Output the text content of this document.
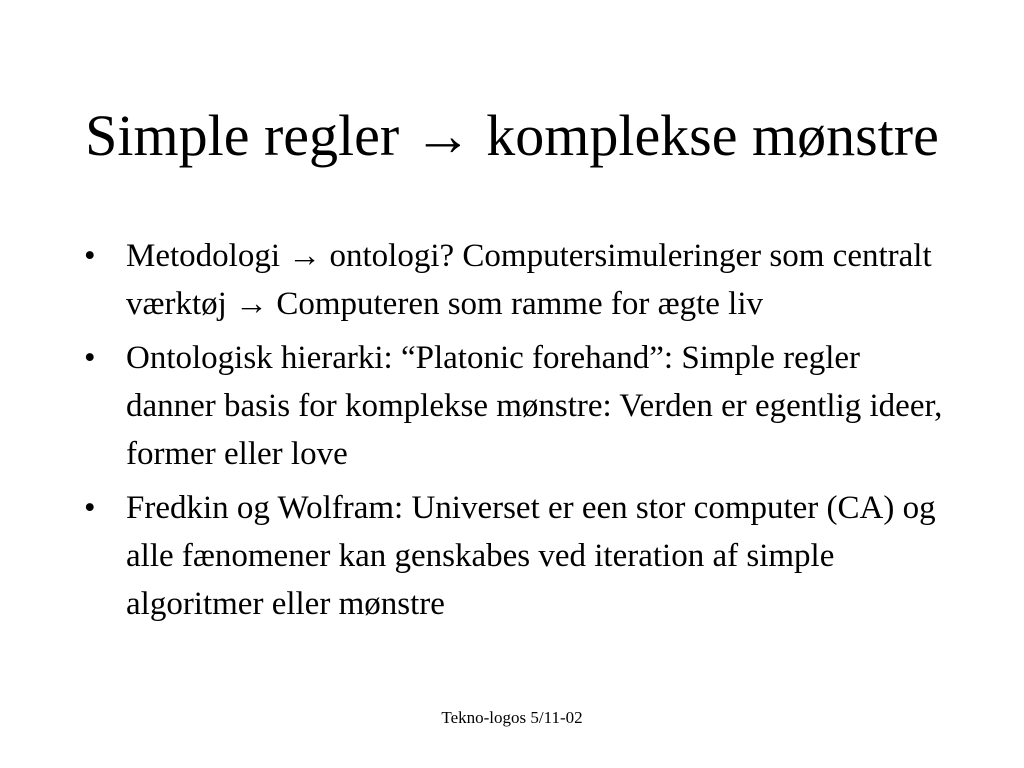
Simple regler → komplekse mønstre
• Metodologi → ontologi? Computersimuleringer som centralt værktøj → Computeren som ramme for ægte liv
• Ontologisk hierarki: “Platonic forehand”: Simple regler danner basis for komplekse mønstre: Verden er egentlig ideer, former eller love
• Fredkin og Wolfram: Universet er een stor computer (CA) og alle fænomener kan genskabes ved iteration af simple algoritmer eller mønstre
Tekno-logos 5/11-02
